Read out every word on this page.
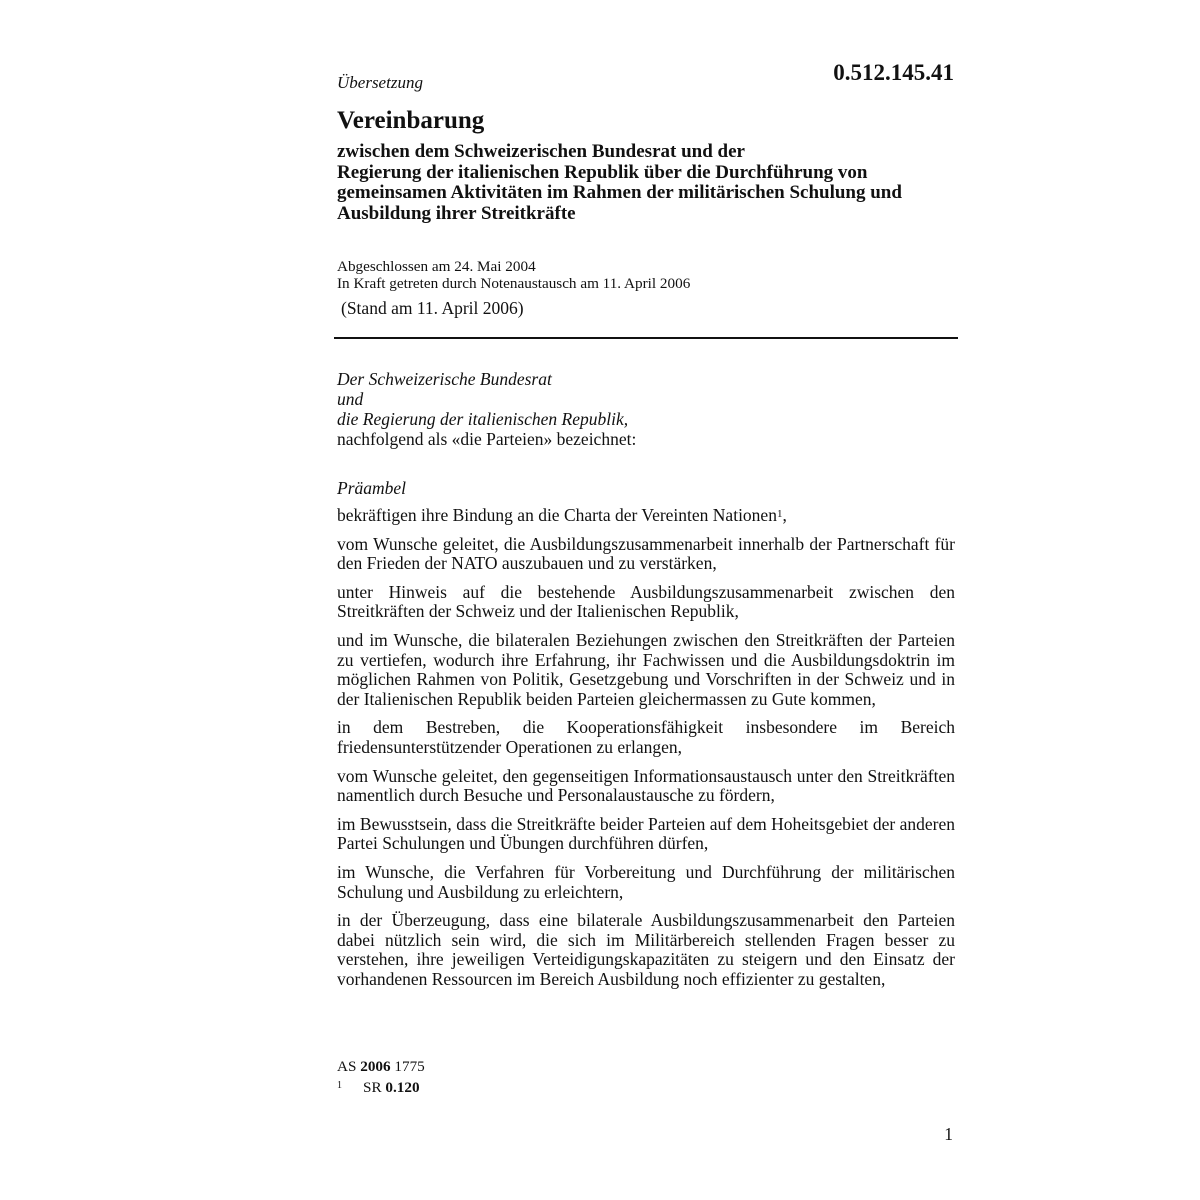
Übersetzung	0.512.145.41
Vereinbarung
zwischen dem Schweizerischen Bundesrat und der
Regierung der italienischen Republik über die Durchführung von
gemeinsamen Aktivitäten im Rahmen der militärischen Schulung und
Ausbildung ihrer Streitkräfte
Abgeschlossen am 24. Mai 2004
In Kraft getreten durch Notenaustausch am 11. April 2006
(Stand am 11. April 2006)
Der Schweizerische Bundesrat
und
die Regierung der italienischen Republik,
nachfolgend als «die Parteien» bezeichnet:
Präambel

bekräftigen ihre Bindung an die Charta der Vereinten Nationen$^1$,

vom Wunsche geleitet, die Ausbildungszusammenarbeit innerhalb der Partnerschaft für den Frieden der NATO auszubauen und zu verstärken,

unter Hinweis auf die bestehende Ausbildungszusammenarbeit zwischen den Streitkräften der Schweiz und der Italienischen Republik,

und im Wunsche, die bilateralen Beziehungen zwischen den Streitkräften der Parteien zu vertiefen, wodurch ihre Erfahrung, ihr Fachwissen und die Ausbildungsdoktrin im möglichen Rahmen von Politik, Gesetzgebung und Vorschriften in der Schweiz und in der Italienischen Republik beiden Parteien gleichermassen zu Gute kommen,

in dem Bestreben, die Kooperationsfähigkeit insbesondere im Bereich friedensunterstützender Operationen zu erlangen,

vom Wunsche geleitet, den gegenseitigen Informationsaustausch unter den Streitkräften namentlich durch Besuche und Personalaustausche zu fördern,

im Bewusstsein, dass die Streitkräfte beider Parteien auf dem Hoheitsgebiet der anderen Partei Schulungen und Übungen durchführen dürfen,

im Wunsche, die Verfahren für Vorbereitung und Durchführung der militärischen Schulung und Ausbildung zu erleichtern,

in der Überzeugung, dass eine bilaterale Ausbildungszusammenarbeit den Parteien dabei nützlich sein wird, die sich im Militärbereich stellenden Fragen besser zu verstehen, ihre jeweiligen Verteidigungskapazitäten zu steigern und den Einsatz der vorhandenen Ressourcen im Bereich Ausbildung noch effizienter zu gestalten,

AS 2006 1775
$^1$ SR 0.120
1
